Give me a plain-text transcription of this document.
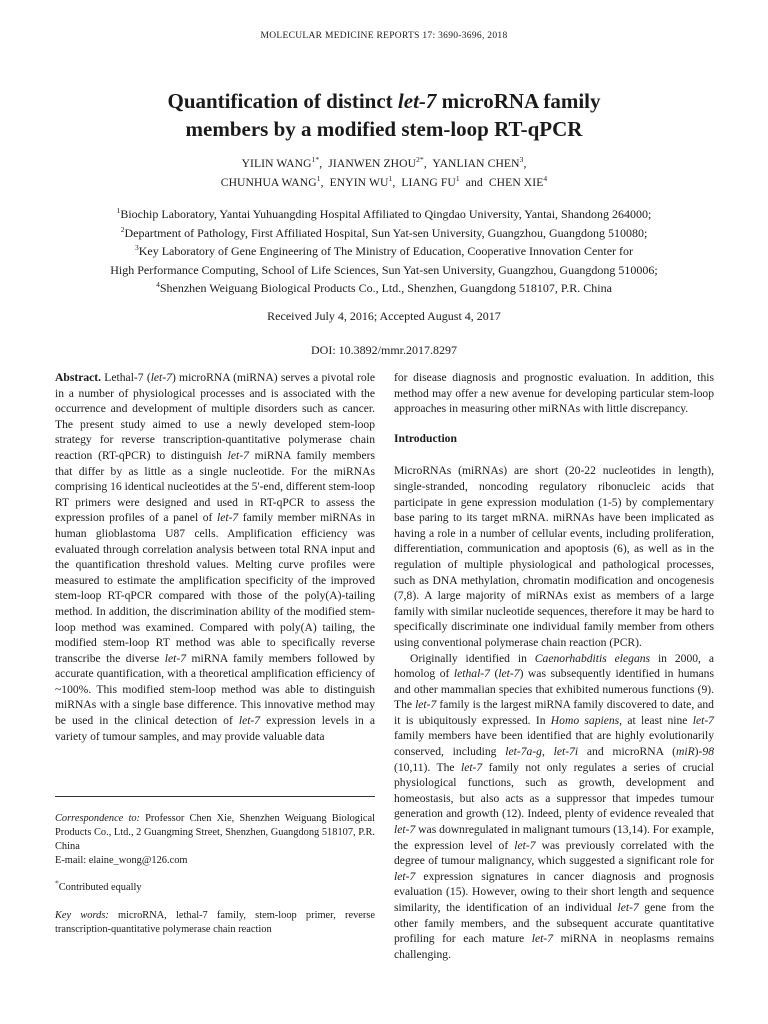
MOLECULAR MEDICINE REPORTS 17: 3690-3696, 2018
Quantification of distinct let-7 microRNA family
members by a modified stem-loop RT-qPCR
YILIN $WANG^{1*}$,  JIANWEN $ZHOU^{2*}$,  YANLIAN CHEN$^3$,
CHUNHUA WANG$^1$,  ENYIN $WU^1$,  LIANG $FU^1$ and CHEN XIE$^4$
$^1$Biochip Laboratory, Yantai Yuhuangding Hospital Affiliated to Qingdao University, Yantai, Shandong 264000;
$^2$Department of Pathology, First Affiliated Hospital, Sun Yat-sen University, Guangzhou, Guangdong 510080;
$^3$Key Laboratory of Gene Engineering of The Ministry of Education, Cooperative Innovation Center for
High Performance Computing, School of Life Sciences, Sun Yat-sen University, Guangzhou, Guangdong 510006;
$^4$Shenzhen Weiguang Biological Products Co., Ltd., Shenzhen, Guangdong 518107, P.R. China
Received July 4, 2016; Accepted August 4, 2017
DOI: 10.3892/mmr.2017.8297

Abstract. Lethal-7 (let-7) microRNA (miRNA) serves a pivotal role in a number of physiological processes and is associated with the occurrence and development of multiple disorders such as cancer. The present study aimed to use a newly developed stem-loop strategy for reverse transcription-quantitative polymerase chain reaction (RT-qPCR) to distinguish let-7 miRNA family members that differ by as little as a single nucleotide. For the miRNAs comprising 16 identical nucleotides at the 5'-end, different stem-loop RT primers were designed and used in RT-qPCR to assess the expression profiles of a panel of let-7 family member miRNAs in human glioblastoma U87 cells. Amplification efficiency was evaluated through correlation analysis between total RNA input and the quantification threshold values. Melting curve profiles were measured to estimate the amplification specificity of the improved stem-loop RT-qPCR compared with those of the poly(A)-tailing method. In addition, the discrimination ability of the modified stem-loop method was examined. Compared with poly(A) tailing, the modified stem-loop RT method was able to specifically reverse transcribe the diverse let-7 miRNA family members followed by accurate quantification, with a theoretical amplification efficiency of ~100%. This modified stem-loop method was able to distinguish miRNAs with a single base difference. This innovative method may be used in the clinical detection of let-7 expression levels in a variety of tumour samples, and may provide valuable data

Correspondence to: Professor Chen Xie, Shenzhen Weiguang Biological Products Co., Ltd., 2 Guangming Street, Shenzhen, Guangdong 518107, P.R. China
E-mail: elaine_wong@126.com
*Contributed equally
Key words: microRNA, lethal-7 family, stem-loop primer, reverse transcription-quantitative polymerase chain reaction

for disease diagnosis and prognostic evaluation. In addition, this method may offer a new avenue for developing particular stem-loop approaches in measuring other miRNAs with little discrepancy.

Introduction

MicroRNAs (miRNAs) are short (20-22 nucleotides in length), single-stranded, noncoding regulatory ribonucleic acids that participate in gene expression modulation (1-5) by complementary base paring to its target mRNA. miRNAs have been implicated as having a role in a number of cellular events, including proliferation, differentiation, communication and apoptosis (6), as well as in the regulation of multiple physiological and pathological processes, such as DNA methylation, chromatin modification and oncogenesis (7,8). A large majority of miRNAs exist as members of a large family with similar nucleotide sequences, therefore it may be hard to specifically discriminate one individual family member from others using conventional polymerase chain reaction (PCR).

Originally identified in Caenorhabditis elegans in 2000, a homolog of lethal-7 (let-7) was subsequently identified in humans and other mammalian species that exhibited numerous functions (9). The let-7 family is the largest miRNA family discovered to date, and it is ubiquitously expressed. In Homo sapiens, at least nine let-7 family members have been identified that are highly evolutionarily conserved, including let-7a-g, let-7i and microRNA (miR)-98 (10,11). The let-7 family not only regulates a series of crucial physiological functions, such as growth, development and homeostasis, but also acts as a suppressor that impedes tumour generation and growth (12). Indeed, plenty of evidence revealed that let-7 was downregulated in malignant tumours (13,14). For example, the expression level of let-7 was previously correlated with the degree of tumour malignancy, which suggested a significant role for let-7 expression signatures in cancer diagnosis and prognosis evaluation (15). However, owing to their short length and sequence similarity, the identification of an individual let-7 gene from the other family members, and the subsequent accurate quantitative profiling for each mature let-7 miRNA in neoplasms remains challenging.
